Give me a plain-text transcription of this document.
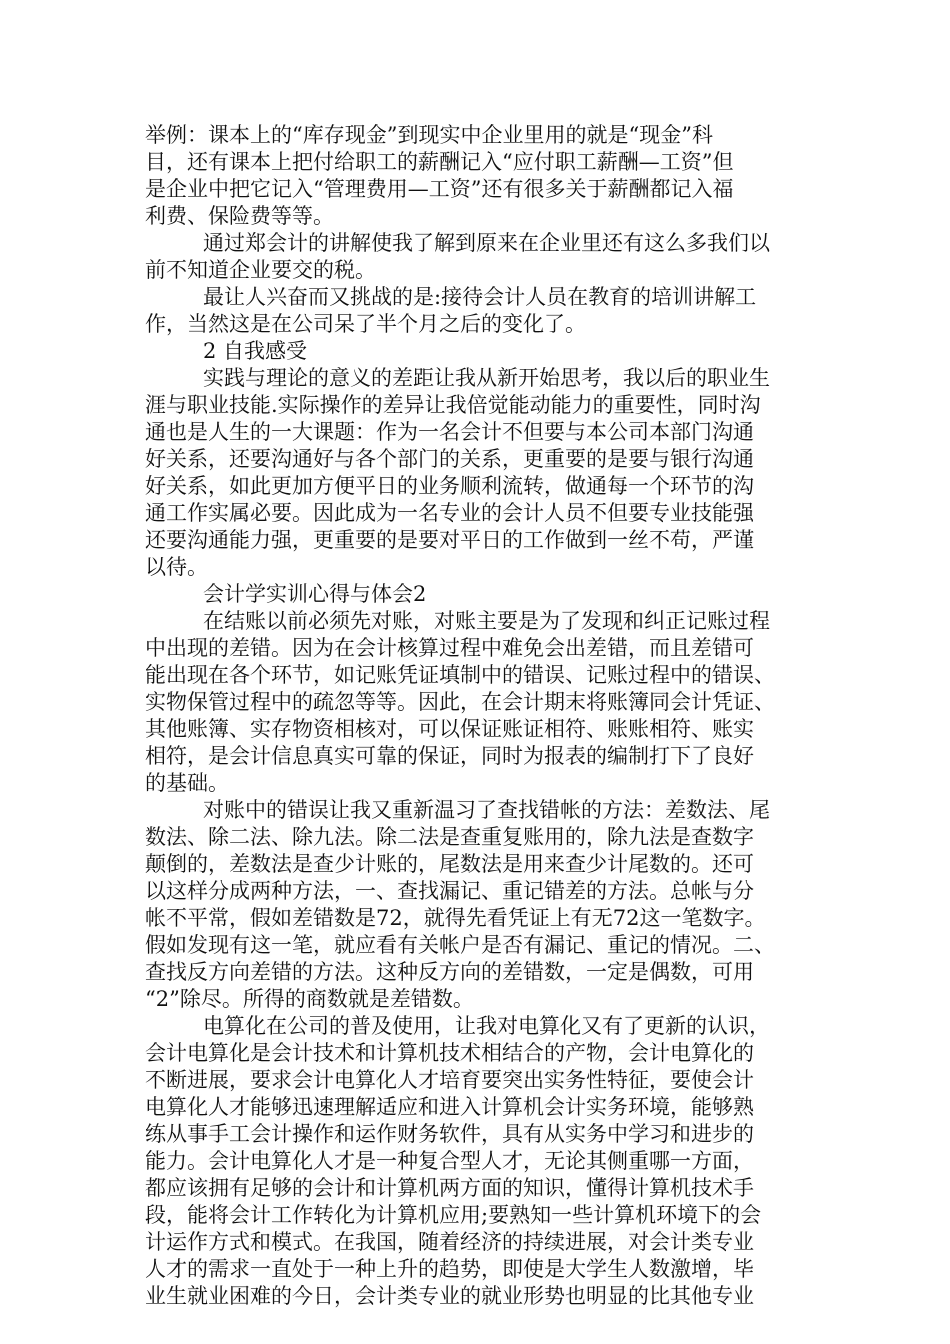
举例：课本上的“库存现金”到现实中企业里用的就是“现金”科
目，还有课本上把付给职工的薪酬记入“应付职工薪酬—工资”但
是企业中把它记入“管理费用—工资”还有很多关于薪酬都记入福
利费、保险费等等。
通过郑会计的讲解使我了解到原来在企业里还有这么多我们以
前不知道企业要交的税。
最让人兴奋而又挑战的是:接待会计人员在教育的培训讲解工
作，当然这是在公司呆了半个月之后的变化了。
2 自我感受
实践与理论的意义的差距让我从新开始思考，我以后的职业生
涯与职业技能.实际操作的差异让我倍觉能动能力的重要性，同时沟
通也是人生的一大课题：作为一名会计不但要与本公司本部门沟通
好关系，还要沟通好与各个部门的关系，更重要的是要与银行沟通
好关系，如此更加方便平日的业务顺利流转，做通每一个环节的沟
通工作实属必要。因此成为一名专业的会计人员不但要专业技能强
还要沟通能力强，更重要的是要对平日的工作做到一丝不苟，严谨
以待。
会计学实训心得与体会2
在结账以前必须先对账，对账主要是为了发现和纠正记账过程
中出现的差错。因为在会计核算过程中难免会出差错，而且差错可
能出现在各个环节，如记账凭证填制中的错误、记账过程中的错误、
实物保管过程中的疏忽等等。因此，在会计期末将账簿同会计凭证、
其他账簿、实存物资相核对，可以保证账证相符、账账相符、账实
相符，是会计信息真实可靠的保证，同时为报表的编制打下了良好
的基础。
对账中的错误让我又重新温习了查找错帐的方法：差数法、尾
数法、除二法、除九法。除二法是查重复账用的，除九法是查数字
颠倒的，差数法是查少计账的，尾数法是用来查少计尾数的。还可
以这样分成两种方法，一、查找漏记、重记错差的方法。总帐与分
帐不平常，假如差错数是72，就得先看凭证上有无72这一笔数字。
假如发现有这一笔，就应看有关帐户是否有漏记、重记的情况。二、
查找反方向差错的方法。这种反方向的差错数，一定是偶数，可用
“2”除尽。所得的商数就是差错数。
电算化在公司的普及使用，让我对电算化又有了更新的认识，
会计电算化是会计技术和计算机技术相结合的产物，会计电算化的
不断进展，要求会计电算化人才培育要突出实务性特征，要使会计
电算化人才能够迅速理解适应和进入计算机会计实务环境，能够熟
练从事手工会计操作和运作财务软件，具有从实务中学习和进步的
能力。会计电算化人才是一种复合型人才，无论其侧重哪一方面，
都应该拥有足够的会计和计算机两方面的知识，懂得计算机技术手
段，能将会计工作转化为计算机应用;要熟知一些计算机环境下的会
计运作方式和模式。在我国，随着经济的持续进展，对会计类专业
人才的需求一直处于一种上升的趋势，即使是大学生人数激增，毕
业生就业困难的今日，会计类专业的就业形势也明显的比其他专业
